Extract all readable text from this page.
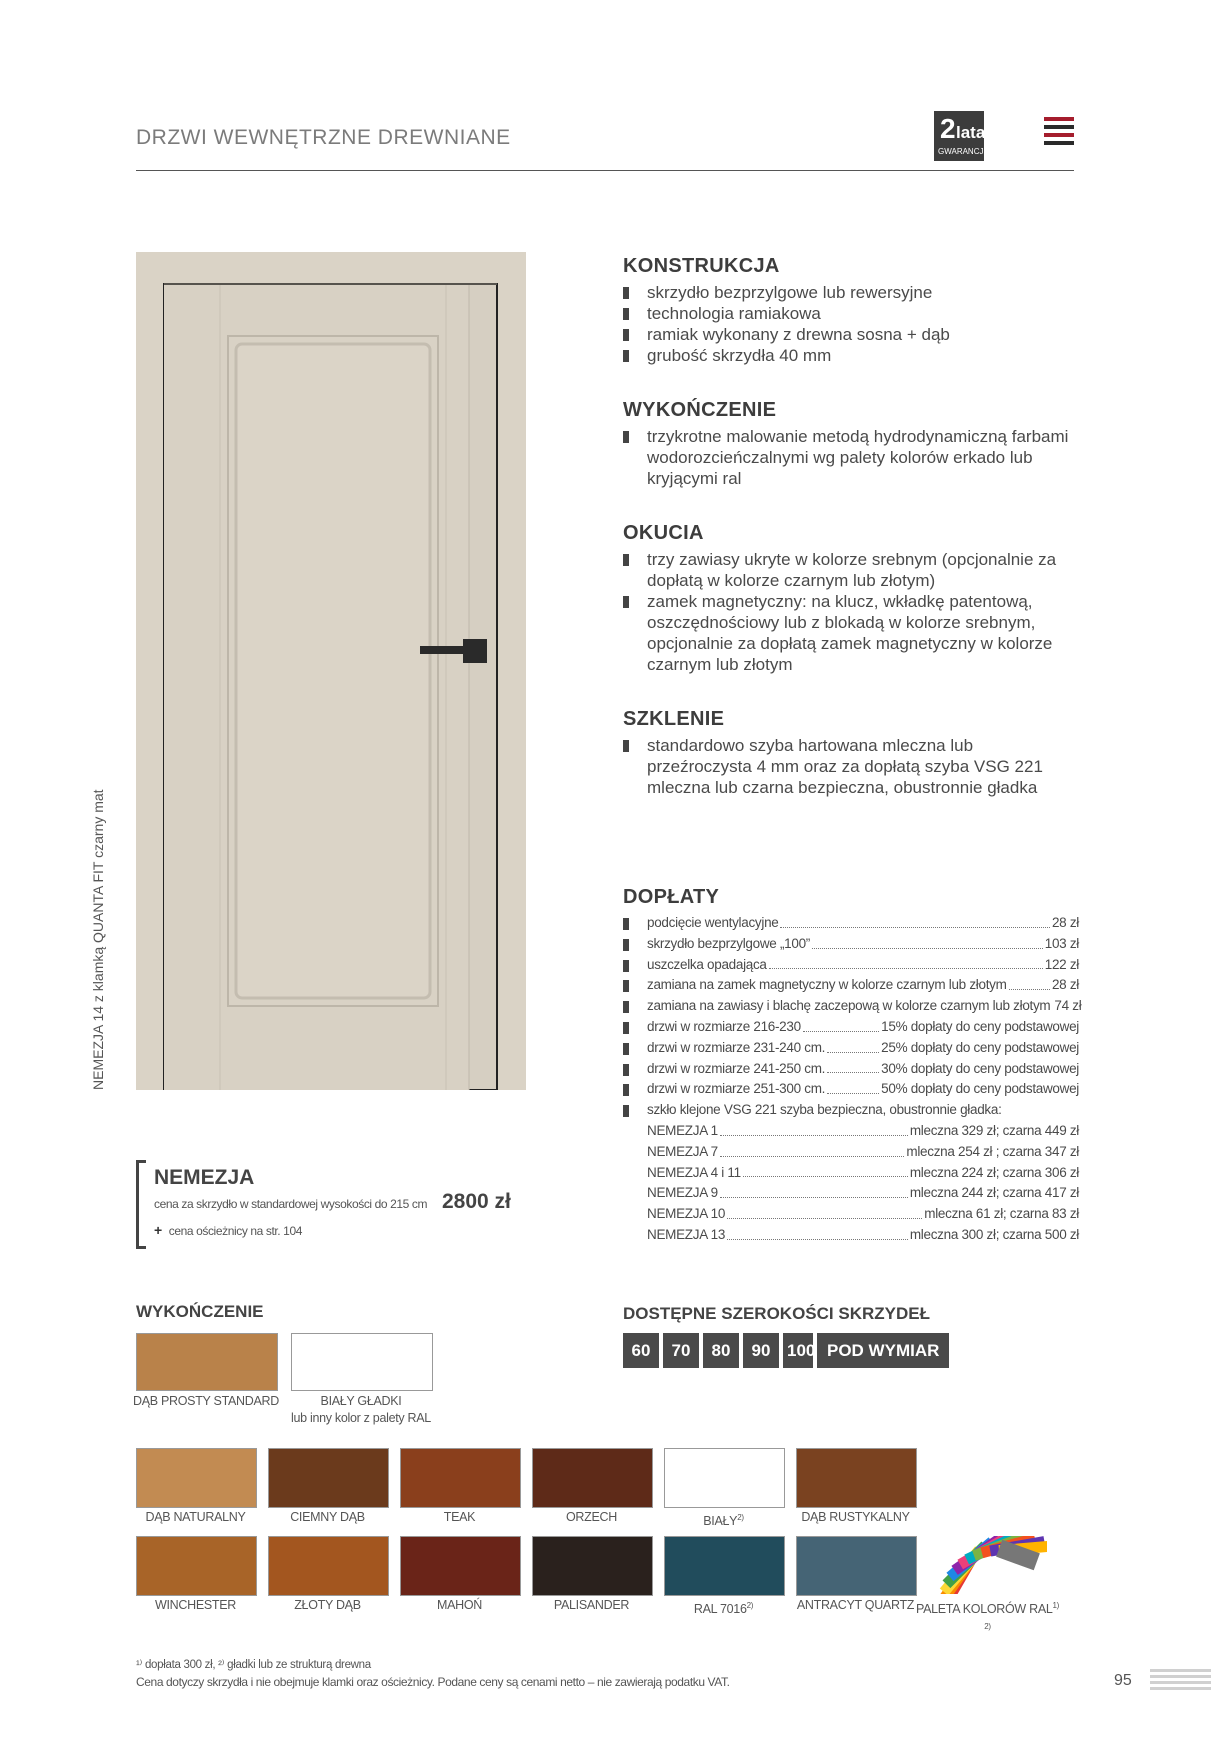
DRZWI WEWNĘTRZNE DREWNIANE	2 lata
GWARANCJI
NEMEZJA 14 z klamką QUANTA FIT czarny mat
KONSTRUKCJA
skrzydło bezprzylgowe lub rewersyjne
technologia ramiakowa
ramiak wykonany z drewna sosna + dąb
grubość skrzydła 40 mm
WYKOŃCZENIE
trzykrotne malowanie metodą hydrodynamiczną farbami wodorozcieńczalnymi wg palety kolorów erkado lub kryjącymi ral
OKUCIA
trzy zawiasy ukryte w kolorze srebnym (opcjonalnie za dopłatą w kolorze czarnym lub złotym)
zamek magnetyczny: na klucz, wkładkę patentową, oszczędnościowy lub z blokadą w kolorze srebnym, opcjonalnie za dopłatą zamek magnetyczny w kolorze czarnym lub złotym
SZKLENIE
standardowo szyba hartowana mleczna lub przeźroczysta 4 mm oraz za dopłatą szyba VSG 221 mleczna lub czarna bezpieczna, obustronnie gładka
DOPŁATY
podcięcie wentylacyjne	28 zł
skrzydło bezprzylgowe „100”	103 zł
uszczelka opadająca	122 zł
zamiana na zamek magnetyczny w kolorze czarnym lub złotym	28 zł
zamiana na zawiasy i blachę zaczepową w kolorze czarnym lub złotym 74 zł
drzwi w rozmiarze 216-230	15% dopłaty do ceny podstawowej
drzwi w rozmiarze 231-240 cm.	25% dopłaty do ceny podstawowej
drzwi w rozmiarze 241-250 cm.	30% dopłaty do ceny podstawowej
drzwi w rozmiarze 251-300 cm.	50% dopłaty do ceny podstawowej
szkło klejone VSG 221 szyba bezpieczna, obustronnie gładka:
NEMEZJA 1	mleczna 329 zł; czarna 449 zł
NEMEZJA 7	mleczna 254 zł ; czarna 347 zł
NEMEZJA 4 i 11	mleczna 224 zł; czarna 306 zł
NEMEZJA 9	mleczna 244 zł; czarna 417 zł
NEMEZJA 10	mleczna 61 zł; czarna 83 zł
NEMEZJA 13	mleczna 300 zł; czarna 500 zł
NEMEZJA
cena za skrzydło w standardowej wysokości do 215 cm
+ cena ościeżnicy na str. 104
2800 zł
WYKOŃCZENIE	DOSTĘPNE SZEROKOŚCI SKRZYDEŁ
60	70	80	90 100 POD WYMIAR
DĄB PROSTY STANDARD	BIAŁY GŁADKI
lub inny kolor z palety RAL
DĄB NATURALNY	CIEMNY DĄB	TEAK	ORZECH	BIAŁY$^{2)}$	DĄB RUSTYKALNY
WINCHESTER	ZŁOTY DĄB	MAHOŃ	PALISANDER	RAL 7016$^{2)}$	ANTRACYT QUARTZ PALETA KOLORÓW $RAL^{1) 2)}$
¹⁾ dopłata 300 zł, ²⁾ gładki lub ze strukturą drewna
Cena dotyczy skrzydła i nie obejmuje klamki oraz ościeżnicy. Podane ceny są cenami netto – nie zawierają podatku VAT.	95
